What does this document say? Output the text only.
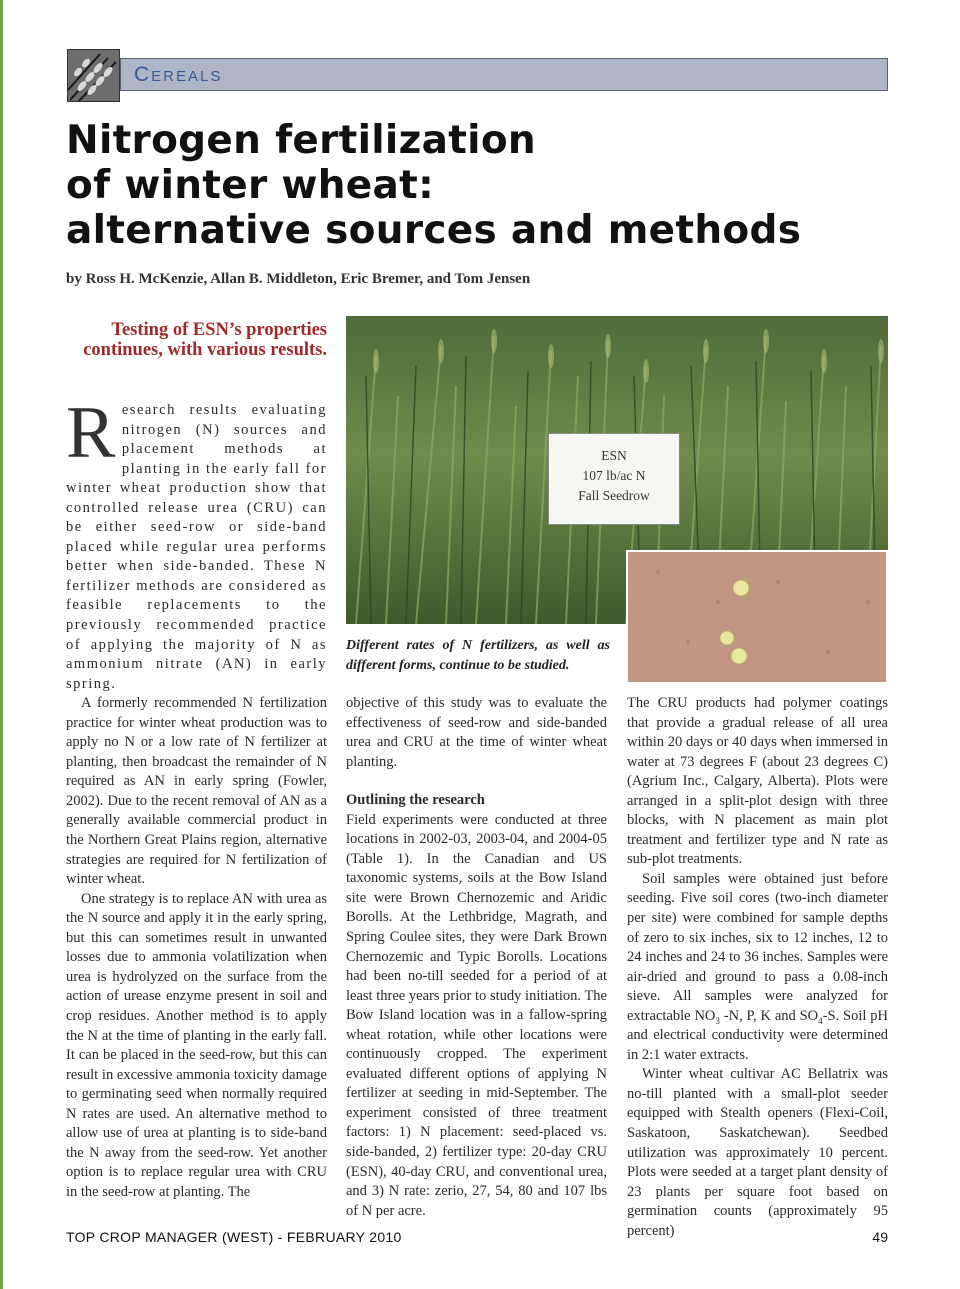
Cereals
Nitrogen fertilization
of winter wheat:
alternative sources and methods
by Ross H. McKenzie, Allan B. Middleton, Eric Bremer, and Tom Jensen
Testing of ESN’s properties continues, with various results.
ESN
107 lb/ac N
Fall Seedrow
Different rates of N fertilizers, as well as different forms, continue to be studied.

Research results evaluating nitrogen (N) sources and placement methods at planting in the early fall for winter wheat production show that controlled release urea (CRU) can be either seed-row or side-band placed while regular urea performs better when side-banded. These N fertilizer methods are considered as feasible replacements to the previously recommended practice of applying the majority of N as ammonium nitrate (AN) in early spring.

A formerly recommended N fertilization practice for winter wheat production was to apply no N or a low rate of N fertilizer at planting, then broadcast the remainder of N required as AN in early spring (Fowler, 2002). Due to the recent removal of AN as a generally available commercial product in the Northern Great Plains region, alternative strategies are required for N fertilization of winter wheat.

One strategy is to replace AN with urea as the N source and apply it in the early spring, but this can sometimes result in unwanted losses due to ammonia volatilization when urea is hydrolyzed on the surface from the action of urease enzyme present in soil and crop residues. Another method is to apply the N at the time of planting in the early fall. It can be placed in the seed-row, but this can result in excessive ammonia toxicity damage to germinating seed when normally required N rates are used. An alternative method to allow use of urea at planting is to side-band the N away from the seed-row. Yet another option is to replace regular urea with CRU in the seed-row at planting. The

objective of this study was to evaluate the effectiveness of seed-row and side-banded urea and CRU at the time of winter wheat planting.

Outlining the research

Field experiments were conducted at three locations in 2002-03, 2003-04, and 2004-05 (Table 1). In the Canadian and US taxonomic systems, soils at the Bow Island site were Brown Chernozemic and Aridic Borolls. At the Lethbridge, Magrath, and Spring Coulee sites, they were Dark Brown Chernozemic and Typic Borolls. Locations had been no-till seeded for a period of at least three years prior to study initiation. The Bow Island location was in a fallow-spring wheat rotation, while other locations were continuously cropped. The experiment evaluated different options of applying N fertilizer at seeding in mid-September. The experiment consisted of three treatment factors: 1) N placement: seed-placed vs. side-banded, 2) fertilizer type: 20-day CRU (ESN), 40-day CRU, and conventional urea, and 3) N rate: zerio, 27, 54, 80 and 107 lbs of N per acre.

The CRU products had polymer coatings that provide a gradual release of all urea within 20 days or 40 days when immersed in water at 73 degrees F (about 23 degrees C) (Agrium Inc., Calgary, Alberta). Plots were arranged in a split-plot design with three blocks, with N placement as main plot treatment and fertilizer type and N rate as sub-plot treatments.

Soil samples were obtained just before seeding. Five soil cores (two-inch diameter per site) were combined for sample depths of zero to six inches, six to 12 inches, 12 to 24 inches and 24 to 36 inches. Samples were air-dried and ground to pass a 0.08-inch sieve. All samples were analyzed for extractable $NO_3$ -N, P, K and $SO_4-S$. Soil pH and electrical conductivity were determined in 2:1 water extracts.

Winter wheat cultivar AC Bellatrix was no-till planted with a small-plot seeder equipped with Stealth openers (Flexi-Coil, Saskatoon, Saskatchewan). Seedbed utilization was approximately 10 percent. Plots were seeded at a target plant density of 23 plants per square foot based on germination counts (approximately 95 percent)

TOP CROP MANAGER (WEST) - FEBRUARY 2010	49
